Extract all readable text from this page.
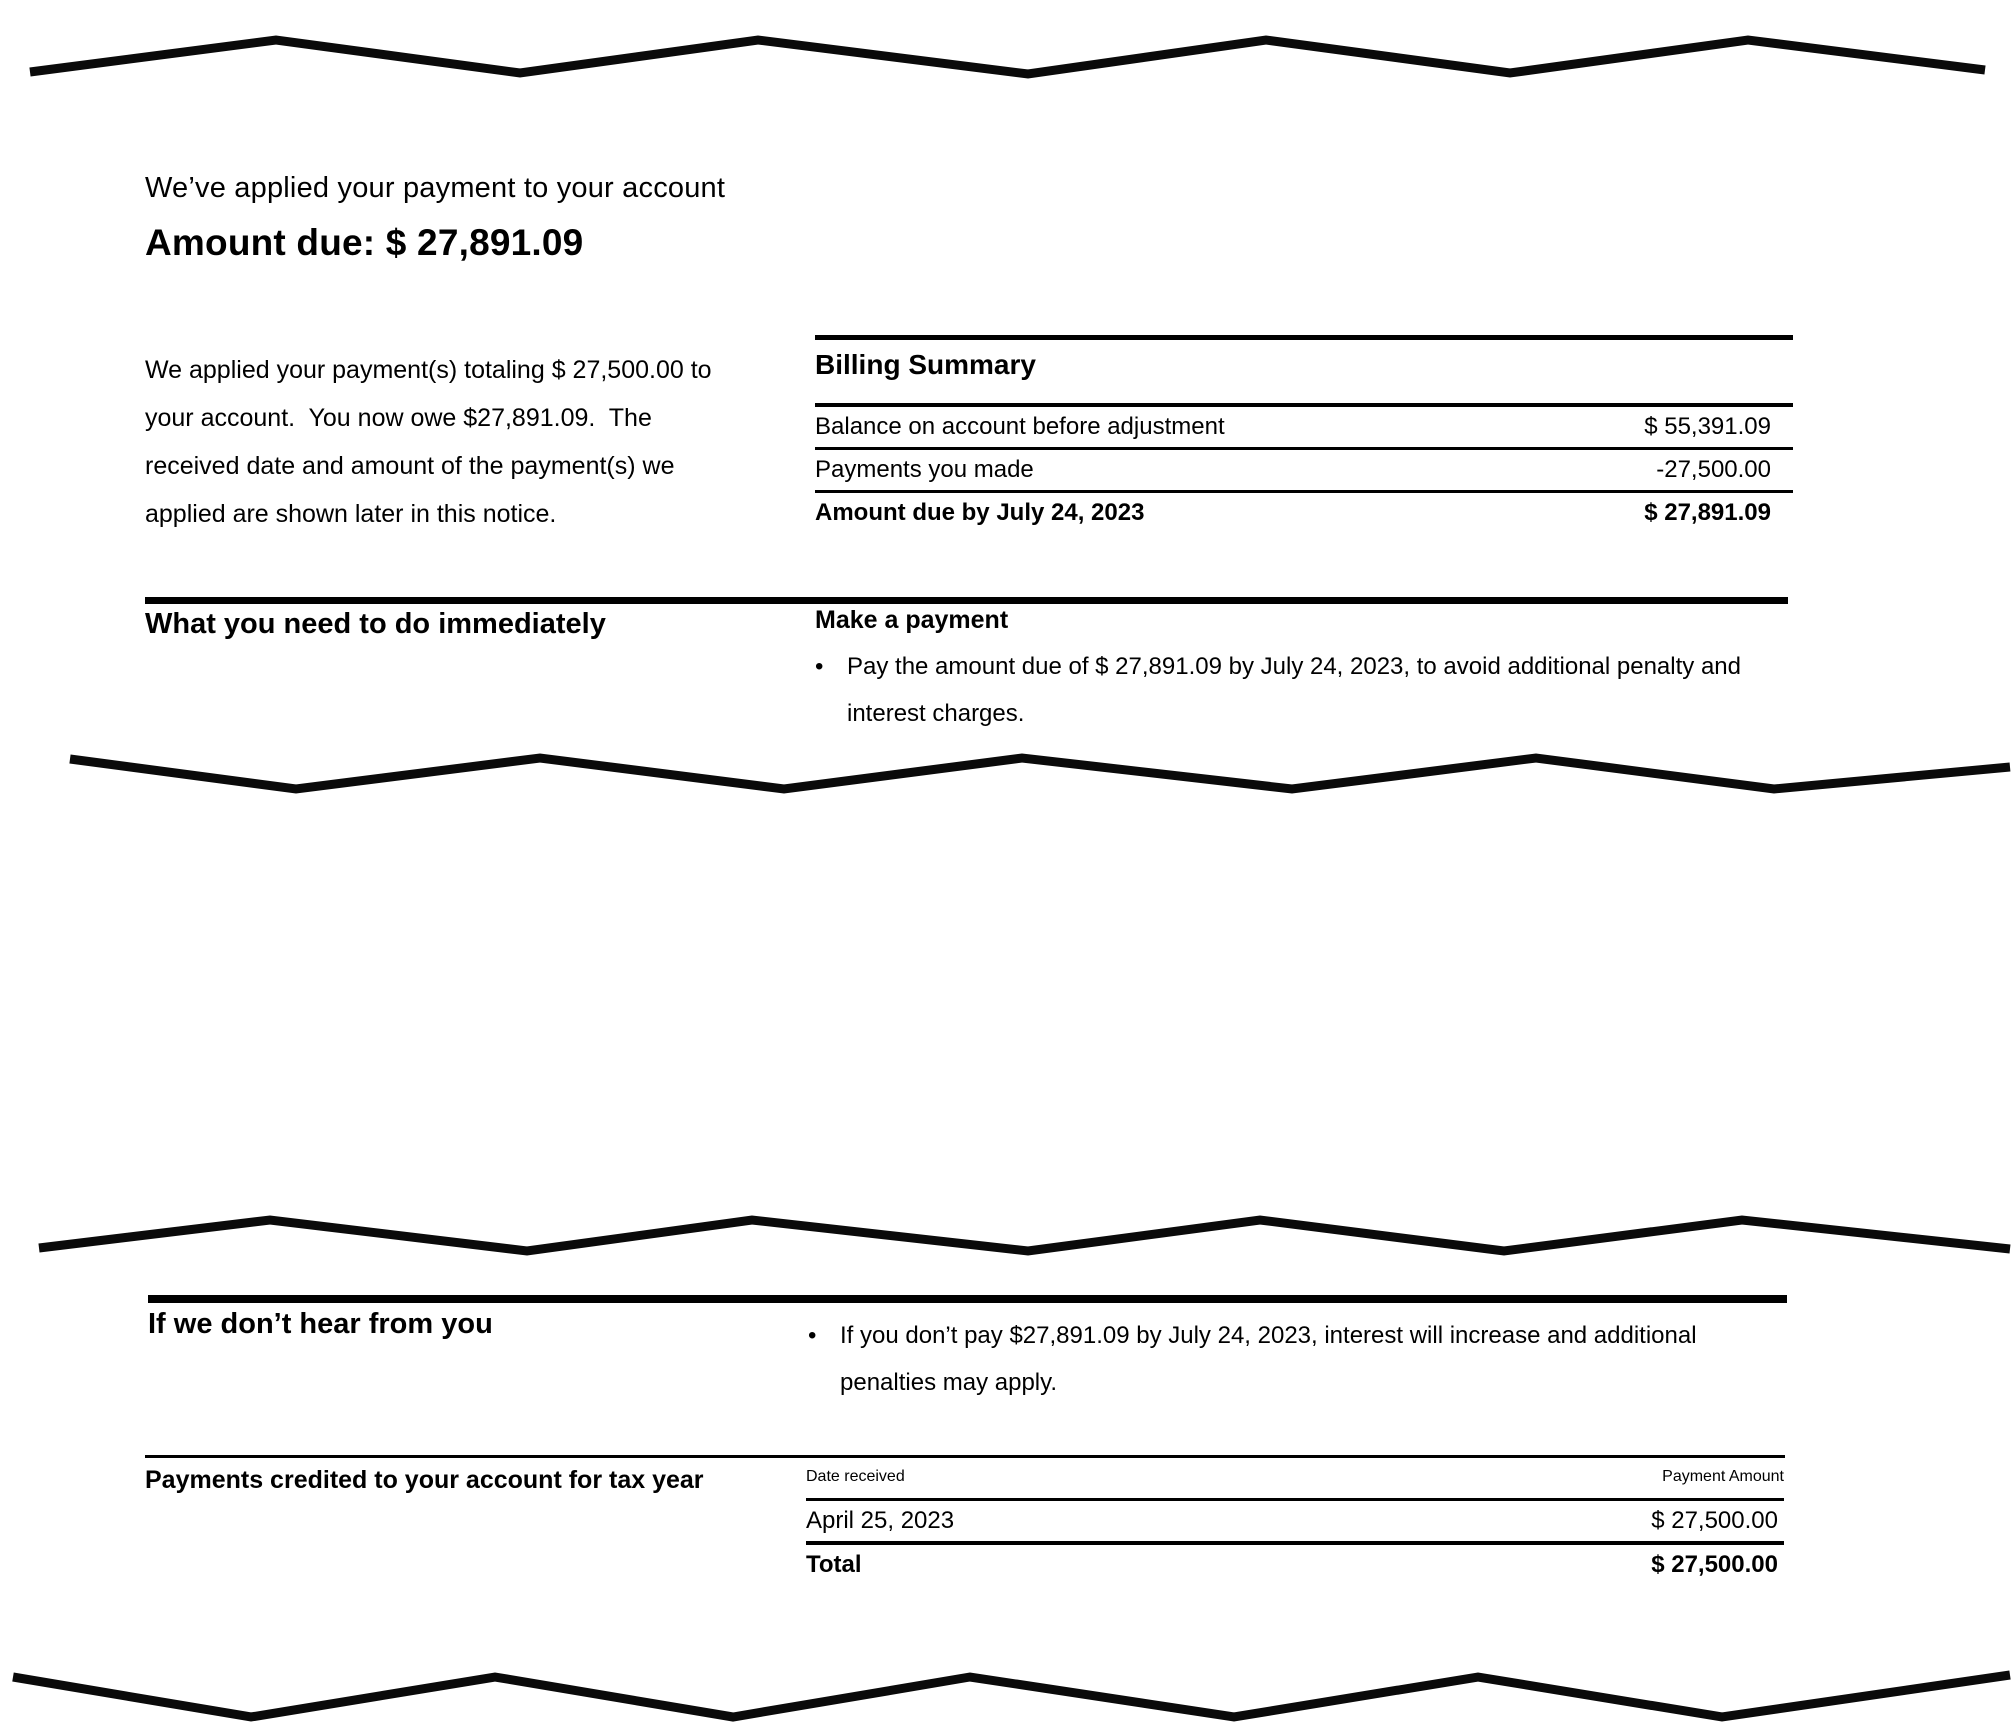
We’ve applied your payment to your account
Amount due: $ 27,891.09

We applied your payment(s) totaling $ 27,500.00 to your account.  You now owe $27,891.09.  The received date and amount of the payment(s) we applied are shown later in this notice.

Billing Summary
Balance on account before adjustment	$ 55,391.09
Payments you made	-27,500.00
Amount due by July 24, 2023	$ 27,891.09
What you need to do immediately	Make a payment
• Pay the amount due of $ 27,891.09 by July 24, 2023, to avoid additional penalty and interest charges.
If we don’t hear from you	• If you don’t pay $27,891.09 by July 24, 2023, interest will increase and additional penalties may apply.
Payments credited to your account for tax year	Date received	Payment Amount
April 25, 2023	$ 27,500.00
Total	$ 27,500.00
